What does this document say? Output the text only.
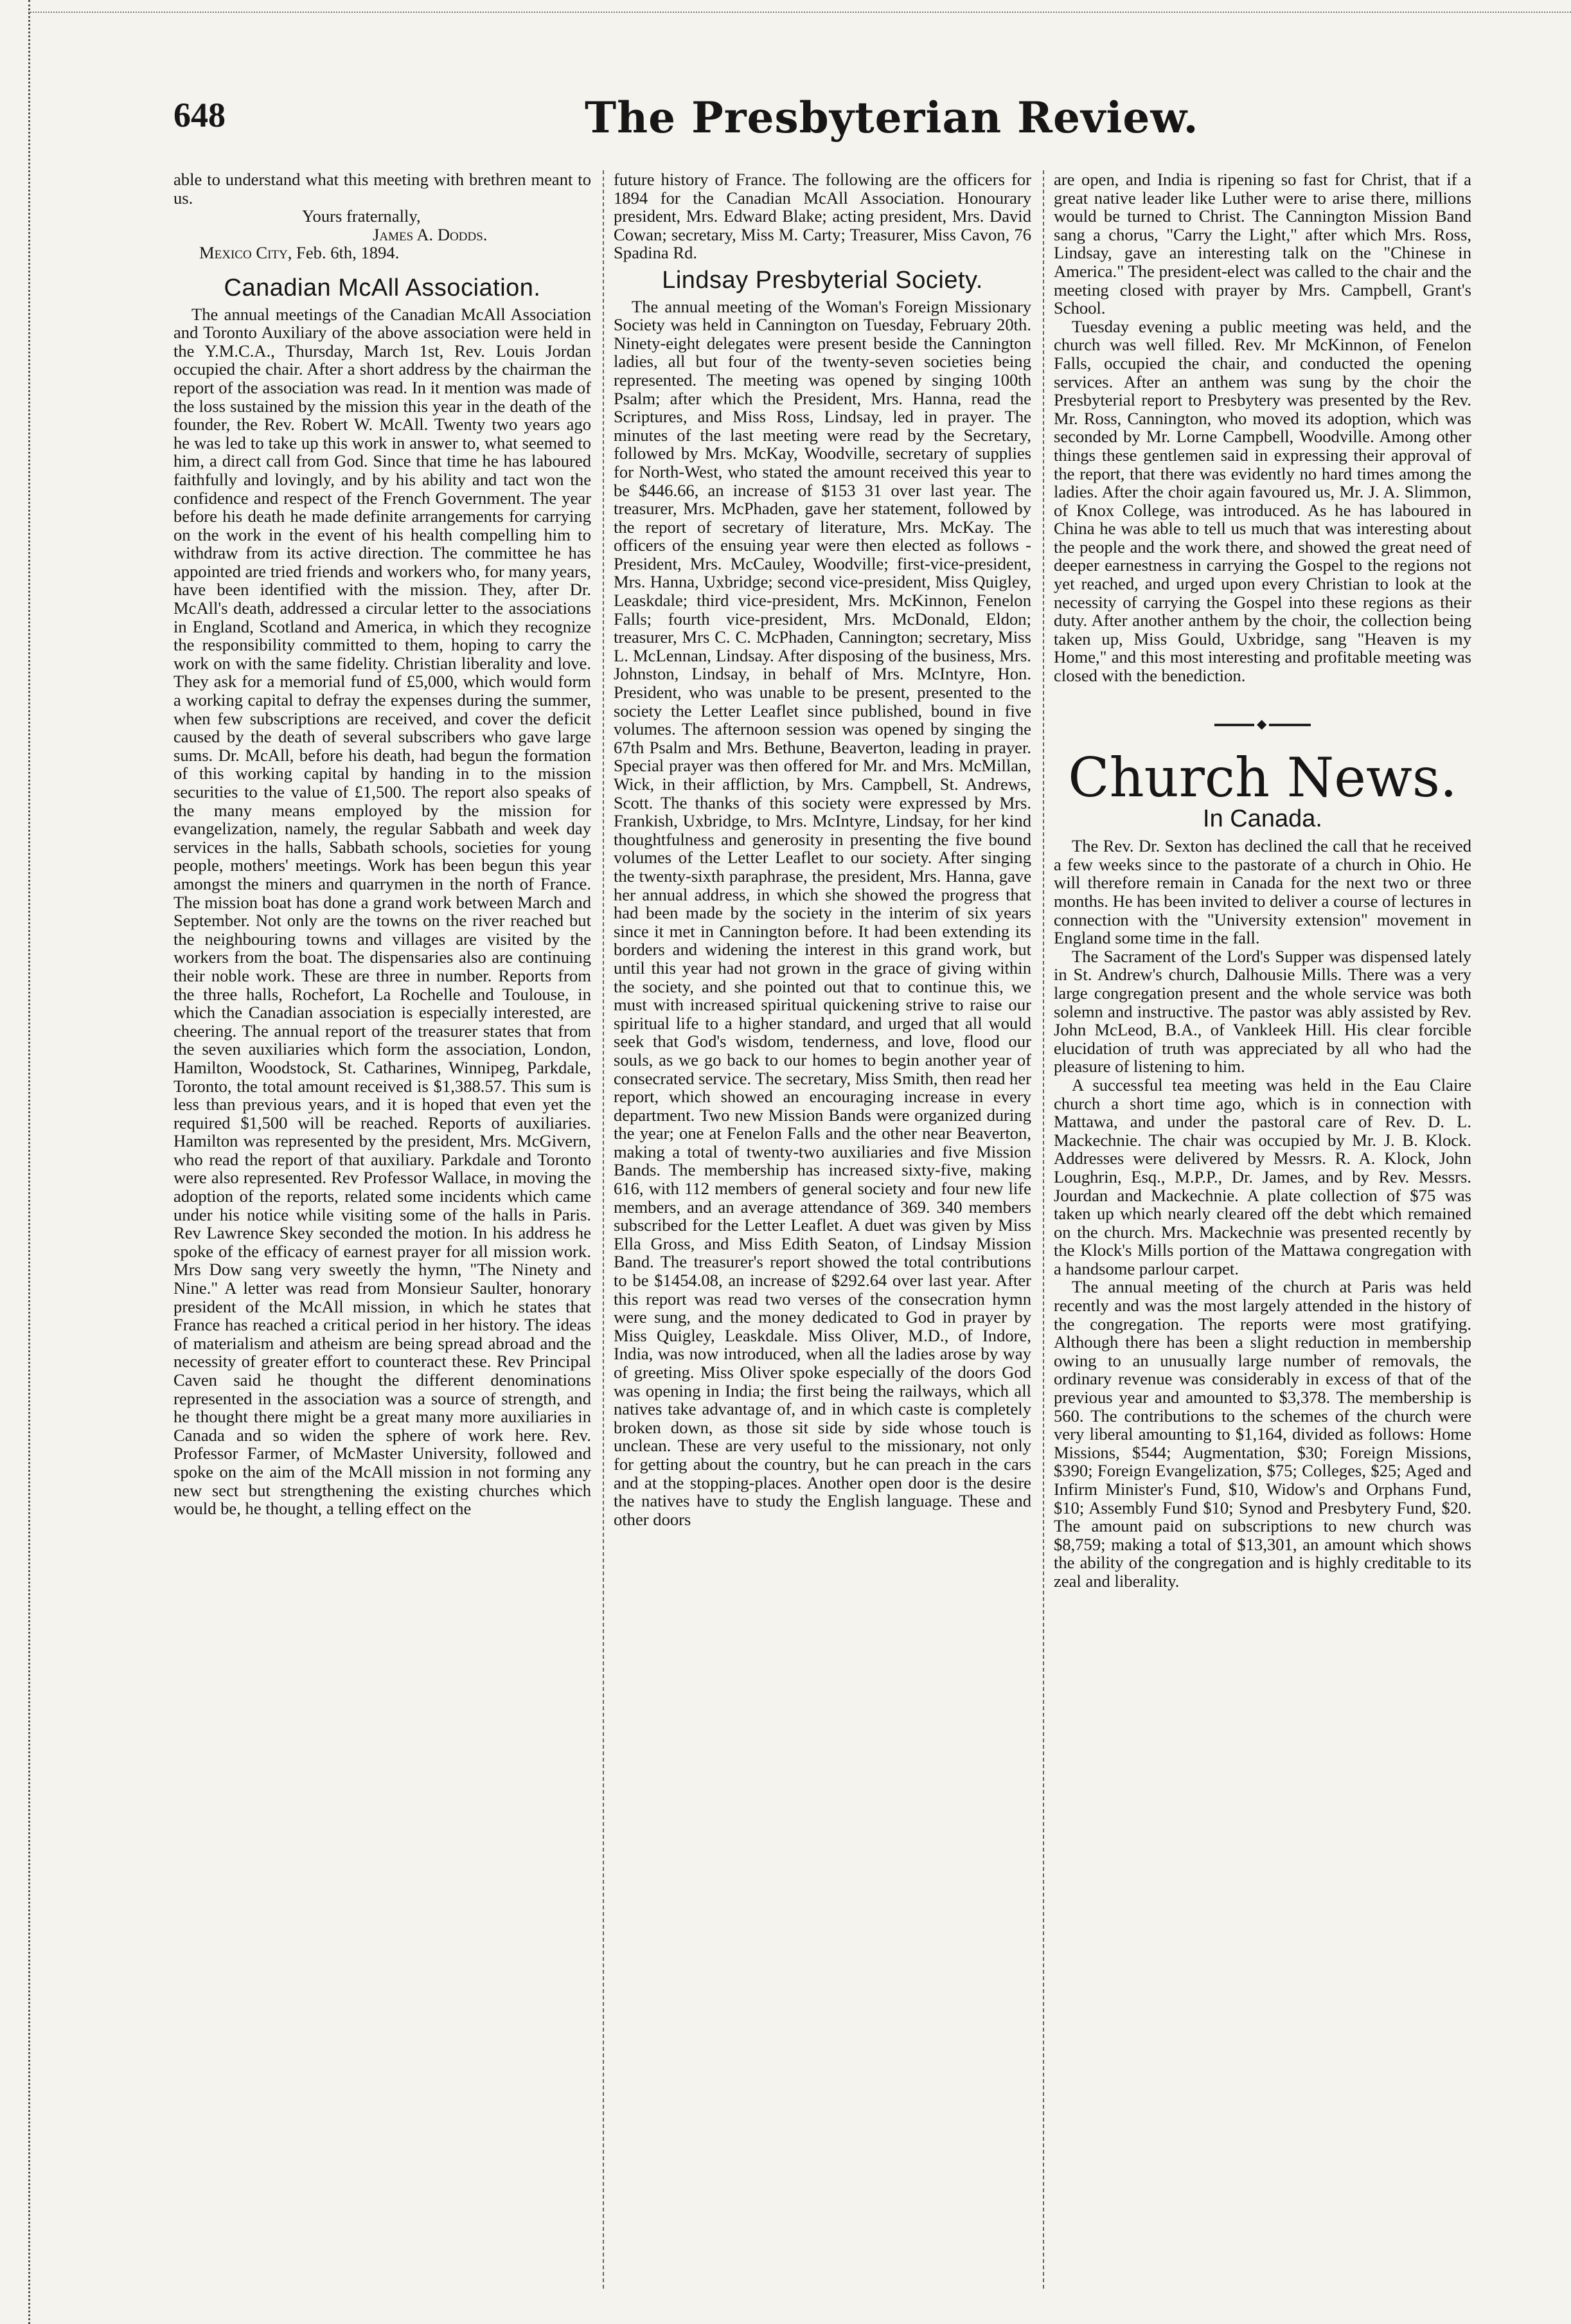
648	The Presbyterian Review.

able to understand what this meeting with brethren meant to us.

Yours fraternally,

James A. Dodds.

Mexico City, Feb. 6th, 1894.

Canadian McAll Association.

The annual meetings of the Canadian McAll Association and Toronto Auxiliary of the above association were held in the Y.M.C.A., Thursday, March 1st, Rev. Louis Jordan occupied the chair. After a short address by the chairman the report of the association was read. In it mention was made of the loss sustained by the mission this year in the death of the founder, the Rev. Robert W. McAll. Twenty two years ago he was led to take up this work in answer to, what seemed to him, a direct call from God. Since that time he has laboured faithfully and lovingly, and by his ability and tact won the confidence and respect of the French Government. The year before his death he made definite arrangements for carrying on the work in the event of his health compelling him to withdraw from its active direction. The committee he has appointed are tried friends and workers who, for many years, have been identified with the mission. They, after Dr. McAll's death, addressed a circular letter to the associations in England, Scotland and America, in which they recognize the responsibility committed to them, hoping to carry the work on with the same fidelity. Christian liberality and love. They ask for a memorial fund of £5,000, which would form a working capital to defray the expenses during the summer, when few subscriptions are received, and cover the deficit caused by the death of several subscribers who gave large sums. Dr. McAll, before his death, had begun the formation of this working capital by handing in to the mission securities to the value of £1,500. The report also speaks of the many means employed by the mission for evangelization, namely, the regular Sabbath and week day services in the halls, Sabbath schools, societies for young people, mothers' meetings. Work has been begun this year amongst the miners and quarrymen in the north of France. The mission boat has done a grand work between March and September. Not only are the towns on the river reached but the neighbouring towns and villages are visited by the workers from the boat. The dispensaries also are continuing their noble work. These are three in number. Reports from the three halls, Rochefort, La Rochelle and Toulouse, in which the Canadian association is especially interested, are cheering. The annual report of the treasurer states that from the seven auxiliaries which form the association, London, Hamilton, Woodstock, St. Catharines, Winnipeg, Parkdale, Toronto, the total amount received is $1,388.57. This sum is less than previous years, and it is hoped that even yet the required $1,500 will be reached. Reports of auxiliaries. Hamilton was represented by the president, Mrs. McGivern, who read the report of that auxiliary. Parkdale and Toronto were also represented. Rev Professor Wallace, in moving the adoption of the reports, related some incidents which came under his notice while visiting some of the halls in Paris. Rev Lawrence Skey seconded the motion. In his address he spoke of the efficacy of earnest prayer for all mission work. Mrs Dow sang very sweetly the hymn, "The Ninety and Nine." A letter was read from Monsieur Saulter, honorary president of the McAll mission, in which he states that France has reached a critical period in her history. The ideas of materialism and atheism are being spread abroad and the necessity of greater effort to counteract these. Rev Principal Caven said he thought the different denominations represented in the association was a source of strength, and he thought there might be a great many more auxiliaries in Canada and so widen the sphere of work here. Rev. Professor Farmer, of McMaster University, followed and spoke on the aim of the McAll mission in not forming any new sect but strengthening the existing churches which would be, he thought, a telling effect on the

future history of France. The following are the officers for 1894 for the Canadian McAll Association. Honourary president, Mrs. Edward Blake; acting president, Mrs. David Cowan; secretary, Miss M. Carty; Treasurer, Miss Cavon, 76 Spadina Rd.

Lindsay Presbyterial Society.

The annual meeting of the Woman's Foreign Missionary Society was held in Cannington on Tuesday, February 20th. Ninety-eight delegates were present beside the Cannington ladies, all but four of the twenty-seven societies being represented. The meeting was opened by singing 100th Psalm; after which the President, Mrs. Hanna, read the Scriptures, and Miss Ross, Lindsay, led in prayer. The minutes of the last meeting were read by the Secretary, followed by Mrs. McKay, Woodville, secretary of supplies for North-West, who stated the amount received this year to be $446.66, an increase of $153 31 over last year. The treasurer, Mrs. McPhaden, gave her statement, followed by the report of secretary of literature, Mrs. McKay. The officers of the ensuing year were then elected as follows - President, Mrs. McCauley, Woodville; first-vice-president, Mrs. Hanna, Uxbridge; second vice-president, Miss Quigley, Leaskdale; third vice-president, Mrs. McKinnon, Fenelon Falls; fourth vice-president, Mrs. McDonald, Eldon; treasurer, Mrs C. C. McPhaden, Cannington; secretary, Miss L. McLennan, Lindsay. After disposing of the business, Mrs. Johnston, Lindsay, in behalf of Mrs. McIntyre, Hon. President, who was unable to be present, presented to the society the Letter Leaflet since published, bound in five volumes. The afternoon session was opened by singing the 67th Psalm and Mrs. Bethune, Beaverton, leading in prayer. Special prayer was then offered for Mr. and Mrs. McMillan, Wick, in their affliction, by Mrs. Campbell, St. Andrews, Scott. The thanks of this society were expressed by Mrs. Frankish, Uxbridge, to Mrs. McIntyre, Lindsay, for her kind thoughtfulness and generosity in presenting the five bound volumes of the Letter Leaflet to our society. After singing the twenty-sixth paraphrase, the president, Mrs. Hanna, gave her annual address, in which she showed the progress that had been made by the society in the interim of six years since it met in Cannington before. It had been extending its borders and widening the interest in this grand work, but until this year had not grown in the grace of giving within the society, and she pointed out that to continue this, we must with increased spiritual quickening strive to raise our spiritual life to a higher standard, and urged that all would seek that God's wisdom, tenderness, and love, flood our souls, as we go back to our homes to begin another year of consecrated service. The secretary, Miss Smith, then read her report, which showed an encouraging increase in every department. Two new Mission Bands were organized during the year; one at Fenelon Falls and the other near Beaverton, making a total of twenty-two auxiliaries and five Mission Bands. The membership has increased sixty-five, making 616, with 112 members of general society and four new life members, and an average attendance of 369. 340 members subscribed for the Letter Leaflet. A duet was given by Miss Ella Gross, and Miss Edith Seaton, of Lindsay Mission Band. The treasurer's report showed the total contributions to be $1454.08, an increase of $292.64 over last year. After this report was read two verses of the consecration hymn were sung, and the money dedicated to God in prayer by Miss Quigley, Leaskdale. Miss Oliver, M.D., of Indore, India, was now introduced, when all the ladies arose by way of greeting. Miss Oliver spoke especially of the doors God was opening in India; the first being the railways, which all natives take advantage of, and in which caste is completely broken down, as those sit side by side whose touch is unclean. These are very useful to the missionary, not only for getting about the country, but he can preach in the cars and at the stopping-places. Another open door is the desire the natives have to study the English language. These and other doors

are open, and India is ripening so fast for Christ, that if a great native leader like Luther were to arise there, millions would be turned to Christ. The Cannington Mission Band sang a chorus, "Carry the Light," after which Mrs. Ross, Lindsay, gave an interesting talk on the "Chinese in America." The president-elect was called to the chair and the meeting closed with prayer by Mrs. Campbell, Grant's School.

Tuesday evening a public meeting was held, and the church was well filled. Rev. Mr McKinnon, of Fenelon Falls, occupied the chair, and conducted the opening services. After an anthem was sung by the choir the Presbyterial report to Presbytery was presented by the Rev. Mr. Ross, Cannington, who moved its adoption, which was seconded by Mr. Lorne Campbell, Woodville. Among other things these gentlemen said in expressing their approval of the report, that there was evidently no hard times among the ladies. After the choir again favoured us, Mr. J. A. Slimmon, of Knox College, was introduced. As he has laboured in China he was able to tell us much that was interesting about the people and the work there, and showed the great need of deeper earnestness in carrying the Gospel to the regions not yet reached, and urged upon every Christian to look at the necessity of carrying the Gospel into these regions as their duty. After another anthem by the choir, the collection being taken up, Miss Gould, Uxbridge, sang "Heaven is my Home," and this most interesting and profitable meeting was closed with the benediction.

◆
Church News.
In Canada.

The Rev. Dr. Sexton has declined the call that he received a few weeks since to the pastorate of a church in Ohio. He will therefore remain in Canada for the next two or three months. He has been invited to deliver a course of lectures in connection with the "University extension" movement in England some time in the fall.

The Sacrament of the Lord's Supper was dispensed lately in St. Andrew's church, Dalhousie Mills. There was a very large congregation present and the whole service was both solemn and instructive. The pastor was ably assisted by Rev. John McLeod, B.A., of Vankleek Hill. His clear forcible elucidation of truth was appreciated by all who had the pleasure of listening to him.

A successful tea meeting was held in the Eau Claire church a short time ago, which is in connection with Mattawa, and under the pastoral care of Rev. D. L. Mackechnie. The chair was occupied by Mr. J. B. Klock. Addresses were delivered by Messrs. R. A. Klock, John Loughrin, Esq., M.P.P., Dr. James, and by Rev. Messrs. Jourdan and Mackechnie. A plate collection of $75 was taken up which nearly cleared off the debt which remained on the church. Mrs. Mackechnie was presented recently by the Klock's Mills portion of the Mattawa congregation with a handsome parlour carpet.

The annual meeting of the church at Paris was held recently and was the most largely attended in the history of the congregation. The reports were most gratifying. Although there has been a slight reduction in membership owing to an unusually large number of removals, the ordinary revenue was considerably in excess of that of the previous year and amounted to $3,378. The membership is 560. The contributions to the schemes of the church were very liberal amounting to $1,164, divided as follows: Home Missions, $544; Augmentation, $30; Foreign Missions, $390; Foreign Evangelization, $75; Colleges, $25; Aged and Infirm Minister's Fund, $10, Widow's and Orphans Fund, $10; Assembly Fund $10; Synod and Presbytery Fund, $20. The amount paid on subscriptions to new church was $8,759; making a total of $13,301, an amount which shows the ability of the congregation and is highly creditable to its zeal and liberality.
